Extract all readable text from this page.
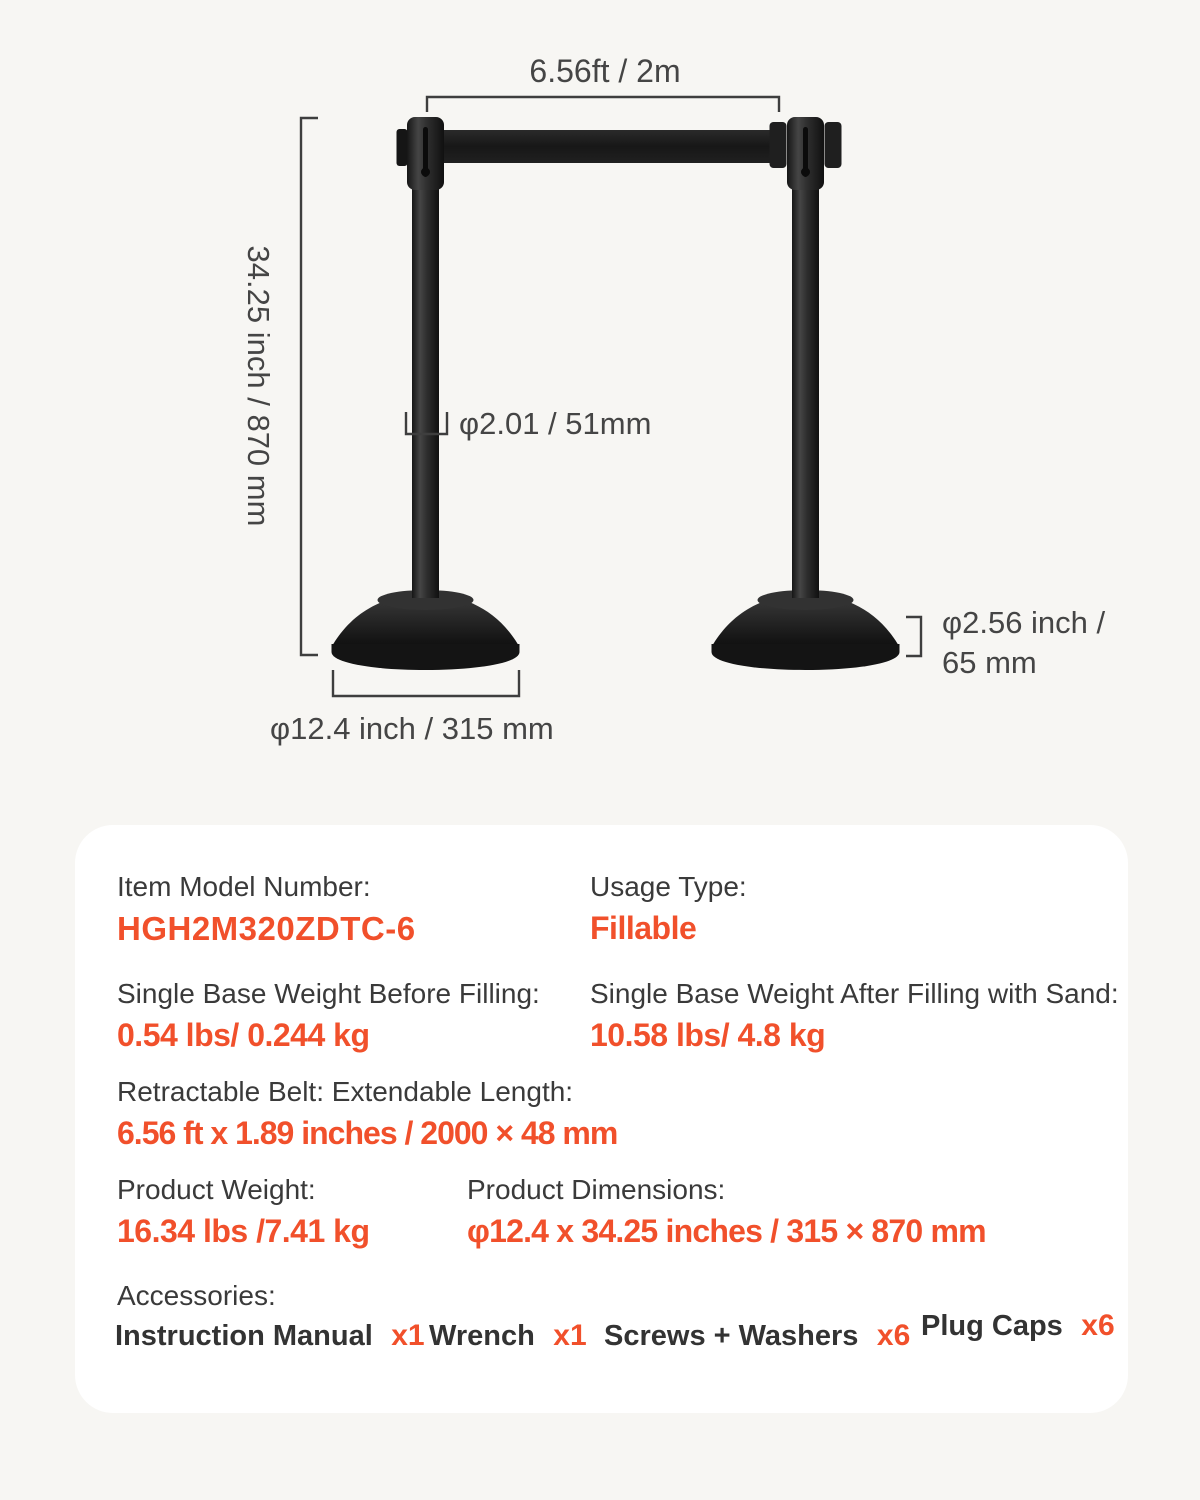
6.56ft / 2m
34.25 inch / 870 mm	φ2.01 / 51mm
φ12.4 inch / 315 mm
φ2.56 inch /
65 mm
Item Model Number:
HGH2M320ZDTC-6
Usage Type:
Fillable
Single Base Weight Before Filling:
0.54 lbs/ 0.244 kg
Single Base Weight After Filling with Sand:
10.58 lbs/ 4.8 kg
Retractable Belt: Extendable Length:
6.56 ft x 1.89 inches / 2000 × 48 mm
Product Weight:
16.34 lbs /7.41 kg
Product Dimensions:
φ12.4 x 34.25 inches / 315 × 870 mm
Accessories:
Instruction Manual x1 Wrench x1 Screws + Washers x6 Plug Caps x6
